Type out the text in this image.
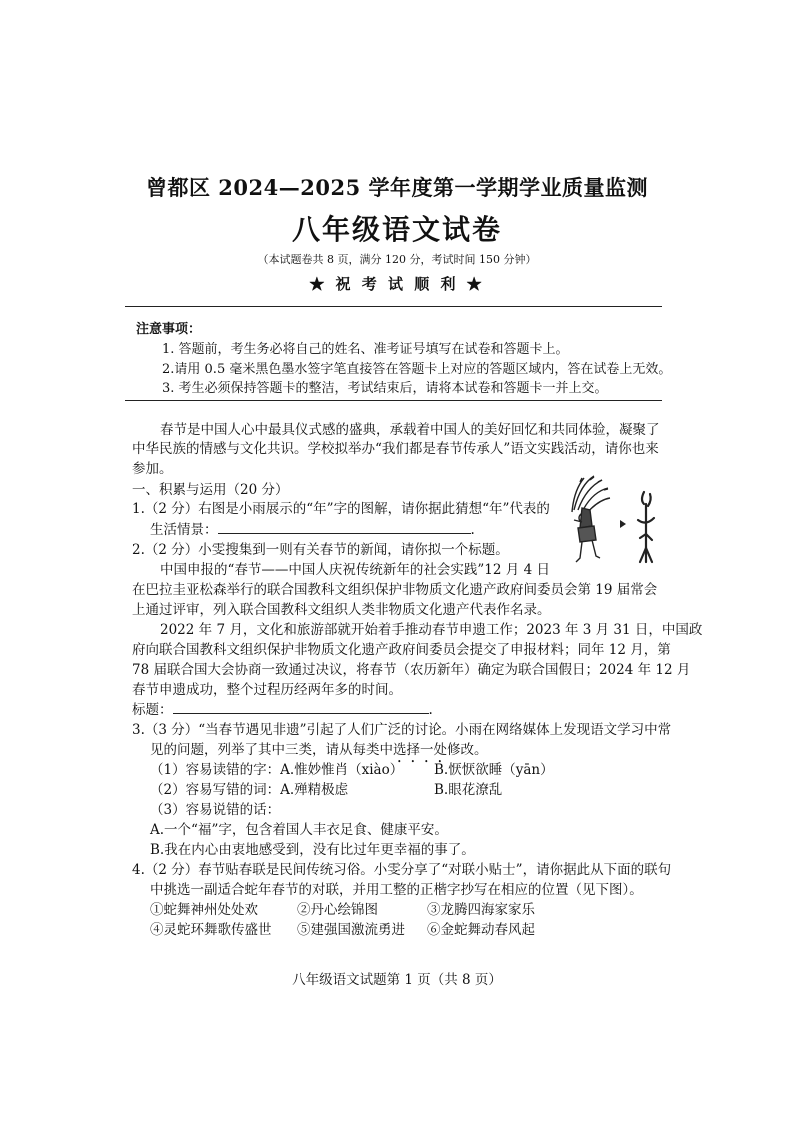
曾都区 2024—2025 学年度第一学期学业质量监测
八年级语文试卷
（本试题卷共 8 页，满分 120 分，考试时间 150 分钟）
★ 祝 考 试 顺 利 ★
注意事项：
1. 答题前，考生务必将自己的姓名、准考证号填写在试卷和答题卡上。
2.请用 0.5 毫米黑色墨水签字笔直接答在答题卡上对应的答题区域内，答在试卷上无效。
3. 考生必须保持答题卡的整洁，考试结束后，请将本试卷和答题卡一并上交。
春节是中国人心中最具仪式感的盛典，承载着中国人的美好回忆和共同体验，凝聚了
中华民族的情感与文化共识。学校拟举办“我们都是春节传承人”语文实践活动，请你也来
参加。
一、积累与运用（20 分）
1.（2 分）右图是小雨展示的“年”字的图解，请你据此猜想“年”代表的
生活情景：	.
2.（2 分）小雯搜集到一则有关春节的新闻，请你拟一个标题。
中国申报的“春节——中国人庆祝传统新年的社会实践”12 月 4 日
在巴拉圭亚松森举行的联合国教科文组织保护非物质文化遗产政府间委员会第 19 届常会
上通过评审，列入联合国教科文组织人类非物质文化遗产代表作名录。
2022 年 7 月，文化和旅游部就开始着手推动春节申遗工作；2023 年 3 月 31 日，中国政
府向联合国教科文组织保护非物质文化遗产政府间委员会提交了申报材料；同年 12 月，第
78 届联合国大会协商一致通过决议，将春节（农历新年）确定为联合国假日；2024 年 12 月
春节申遗成功，整个过程历经两年多的时间。
标题：	.
3.（3 分）“当春节遇见非遗”引起了人们广泛的讨论。小雨在网络媒体上发现语文学习中常
见的问题，列举了其中三类，请从每类中选择一处修改。
（1）容易读错的字：A.惟妙惟肖（xiào） B.恹恹欲睡（yān）
（2）容易写错的词：A.殚精极虑	B.眼花潦乱
（3）容易说错的话：
A.一个“福”字，包含着国人丰衣足食、健康平安。
B.我在内心由衷地感受到，没有比过年更幸福的事了。
4.（2 分）春节贴春联是民间传统习俗。小雯分享了“对联小贴士”，请你据此从下面的联句
中挑选一副适合蛇年春节的对联，并用工整的正楷字抄写在相应的位置（见下图）。
①蛇舞神州处处欢	②丹心绘锦图	③龙腾四海家家乐
④灵蛇环舞歌传盛世 ⑤建强国激流勇进 ⑥金蛇舞动春风起
八年级语文试题第 1 页（共 8 页）
